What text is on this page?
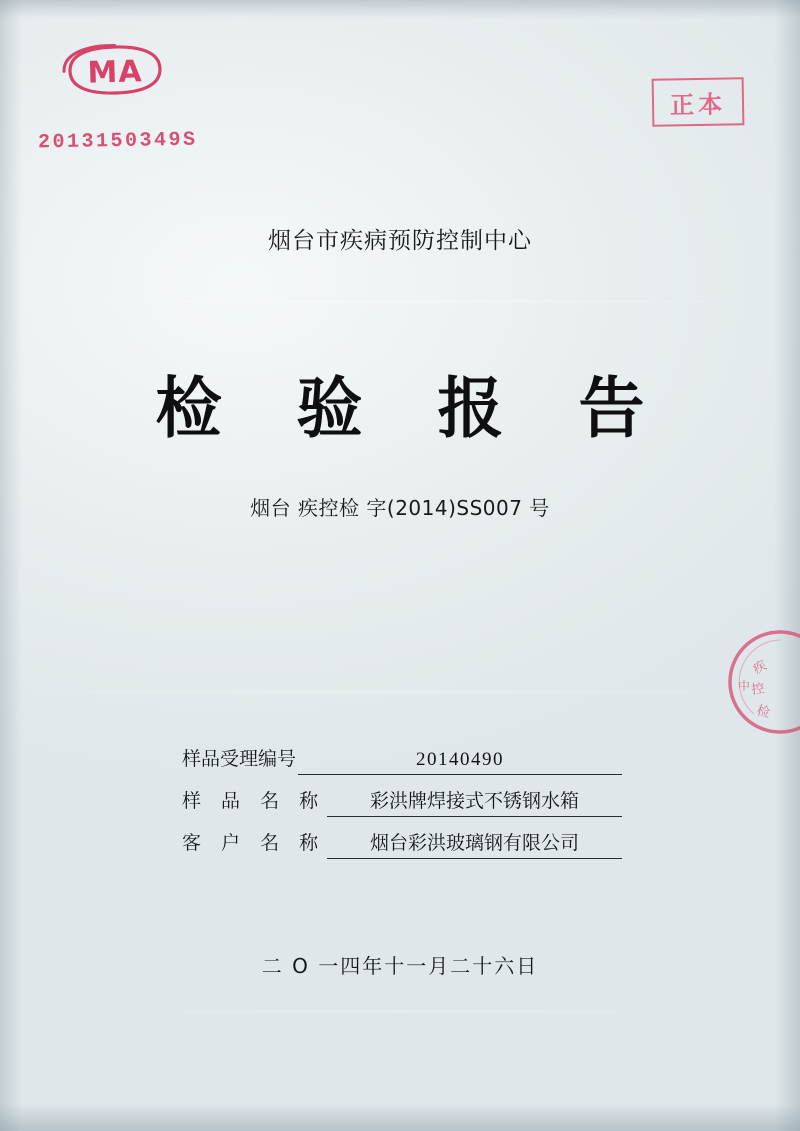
MA
2013150349S
正本
烟台市疾病预防控制中心
检 验 报 告
烟台 疾控检 字(2014)SS007 号
疾
控
检
中
样品受理编号	20140490
样 品 名 称	彩洪牌焊接式不锈钢水箱
客 户 名 称	烟台彩洪玻璃钢有限公司
二 O 一四年十一月二十六日
